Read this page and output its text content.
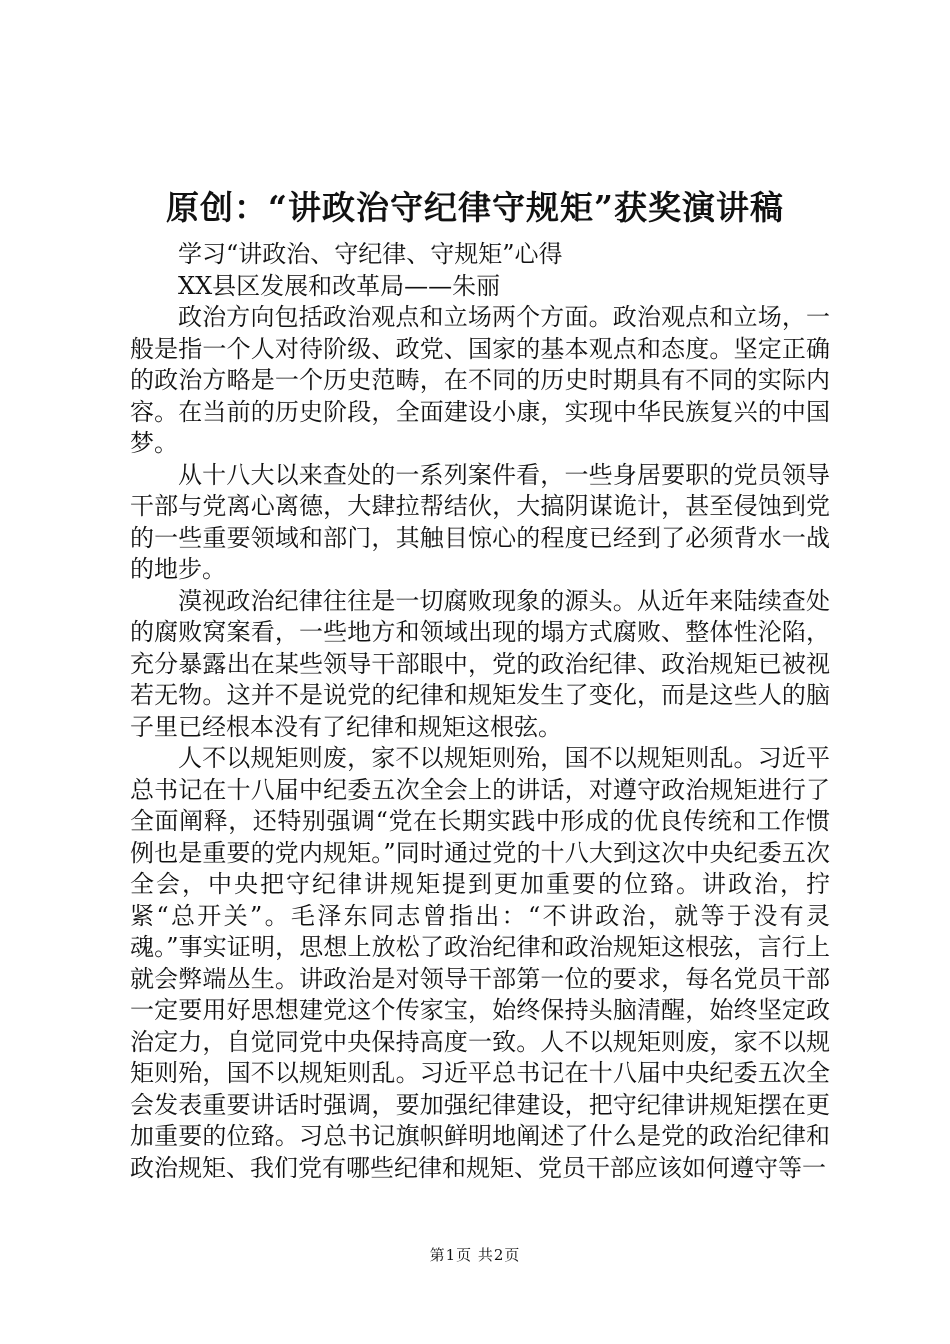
原创：“讲政治守纪律守规矩”获奖演讲稿

学习“讲政治、守纪律、守规矩”心得

XX县区发展和改革局——朱丽

政治方向包括政治观点和立场两个方面。政治观点和立场，一般是指一个人对待阶级、政党、国家的基本观点和态度。坚定正确的政治方略是一个历史范畴，在不同的历史时期具有不同的实际内容。在当前的历史阶段，全面建设小康，实现中华民族复兴的中国梦。

从十八大以来查处的一系列案件看，一些身居要职的党员领导干部与党离心离德，大肆拉帮结伙，大搞阴谋诡计，甚至侵蚀到党的一些重要领域和部门，其触目惊心的程度已经到了必须背水一战的地步。

漠视政治纪律往往是一切腐败现象的源头。从近年来陆续查处的腐败窝案看，一些地方和领域出现的塌方式腐败、整体性沦陷，充分暴露出在某些领导干部眼中，党的政治纪律、政治规矩已被视若无物。这并不是说党的纪律和规矩发生了变化，而是这些人的脑子里已经根本没有了纪律和规矩这根弦。

人不以规矩则废，家不以规矩则殆，国不以规矩则乱。习近平总书记在十八届中纪委五次全会上的讲话，对遵守政治规矩进行了全面阐释，还特别强调“党在长期实践中形成的优良传统和工作惯例也是重要的党内规矩。”同时通过党的十八大到这次中央纪委五次全会，中央把守纪律讲规矩提到更加重要的位臵。讲政治，拧紧“总开关”。毛泽东同志曾指出：“不讲政治，就等于没有灵魂。”事实证明，思想上放松了政治纪律和政治规矩这根弦，言行上就会弊端丛生。讲政治是对领导干部第一位的要求，每名党员干部一定要用好思想建党这个传家宝，始终保持头脑清醒，始终坚定政治定力，自觉同党中央保持高度一致。人不以规矩则废，家不以规矩则殆，国不以规矩则乱。习近平总书记在十八届中央纪委五次全会发表重要讲话时强调，要加强纪律建设，把守纪律讲规矩摆在更加重要的位臵。习总书记旗帜鲜明地阐述了什么是党的政治纪律和政治规矩、我们党有哪些纪律和规矩、党员干部应该如何遵守等一

第1页 共2页
